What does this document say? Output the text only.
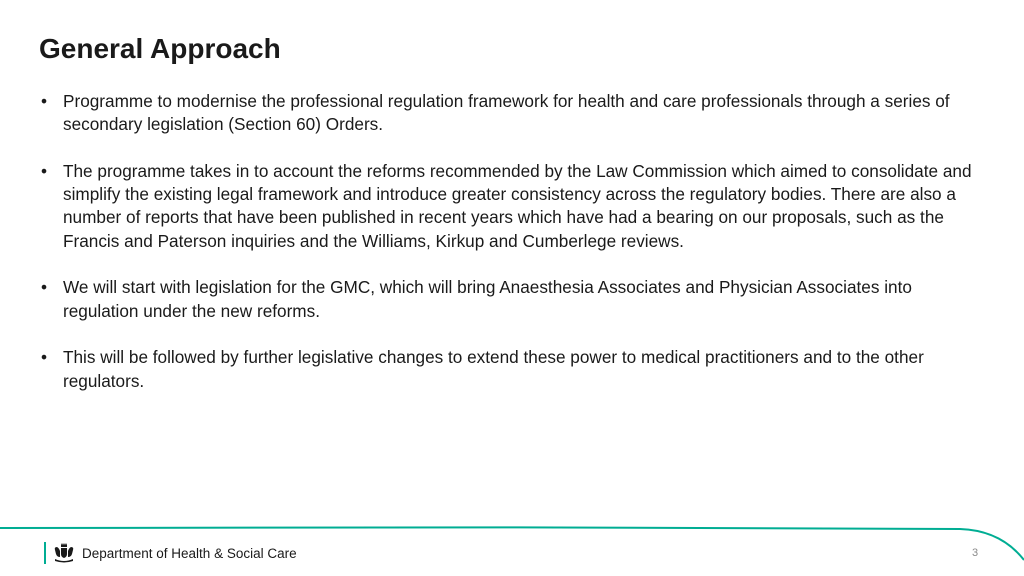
General Approach
• Programme to modernise the professional regulation framework for health and care professionals through a series of secondary legislation (Section 60) Orders.
• The programme takes in to account the reforms recommended by the Law Commission which aimed to consolidate and simplify the existing legal framework and introduce greater consistency across the regulatory bodies. There are also a number of reports that have been published in recent years which have had a bearing on our proposals, such as the Francis and Paterson inquiries and the Williams, Kirkup and Cumberlege reviews.
• We will start with legislation for the GMC, which will bring Anaesthesia Associates and Physician Associates into regulation under the new reforms.
• This will be followed by further legislative changes to extend these power to medical practitioners and to the other regulators.
Department of Health & Social Care	3
